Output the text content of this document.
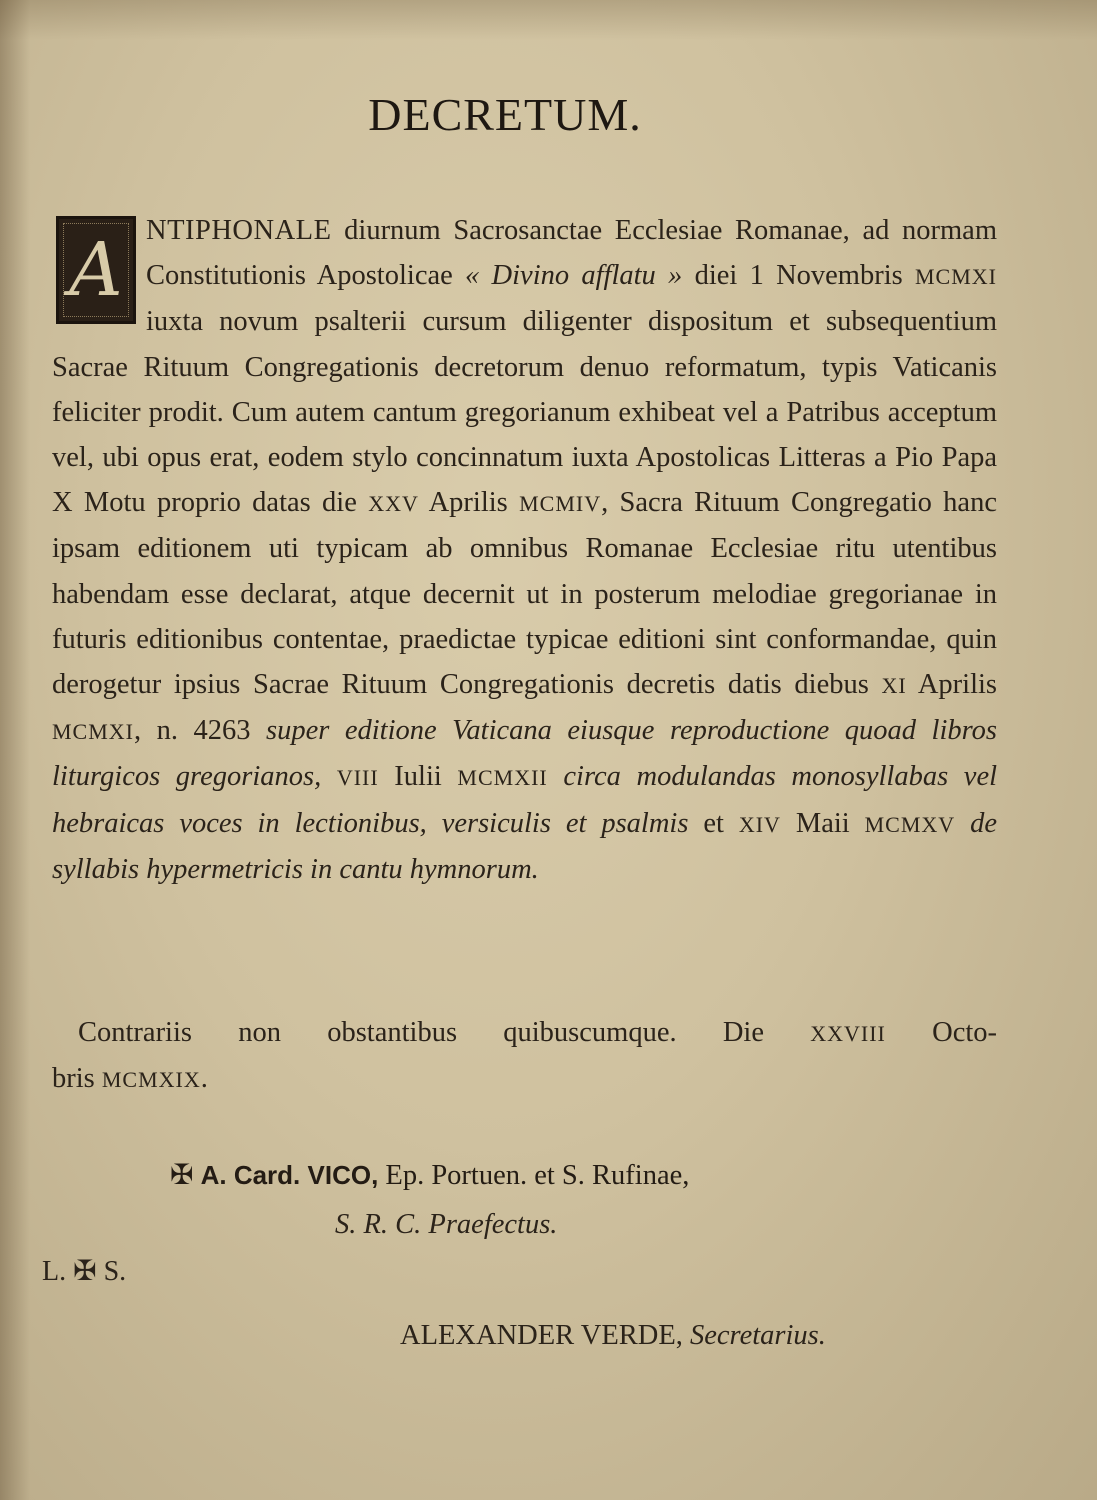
DECRETUM.
A NTIPHONALE diurnum Sacrosanctae Ecclesiae Romanae, ad normam Constitutionis Apostolicae « Divino afflatu » diei 1 Novembris MCMXI iuxta novum psalterii cursum diligenter dispositum et subsequentium Sacrae Rituum Congregationis decretorum denuo reformatum, typis Vaticanis feliciter prodit. Cum autem cantum gregorianum exhibeat vel a Patribus acceptum vel, ubi opus erat, eodem stylo concinnatum iuxta Apostolicas Litteras a Pio Papa X Motu proprio datas die XXV Aprilis MCMIV, Sacra Rituum Congregatio hanc ipsam editionem uti typicam ab omnibus Romanae Ecclesiae ritu utentibus habendam esse declarat, atque decernit ut in posterum melodiae gregorianae in futuris editionibus contentae, praedictae typicae editioni sint conformandae, quin derogetur ipsius Sacrae Rituum Congregationis decretis datis diebus XI Aprilis MCMXI, n. 4263 super editione Vaticana eiusque reproductione quoad libros liturgicos gregorianos, VIII Iulii MCMXII circa modulandas monosyllabas vel hebraicas voces in lectionibus, versiculis et psalmis et XIV Maii MCMXV de syllabis hypermetricis in cantu hymnorum.
Contrariis non obstantibus quibuscumque. Die XXVIII Octo-
bris MCMXIX.
✠ A. Card. VICO, Ep. Portuen. et S. Rufinae,
S. R. C. Praefectus.
L. ✠ S.
ALEXANDER VERDE, Secretarius.
